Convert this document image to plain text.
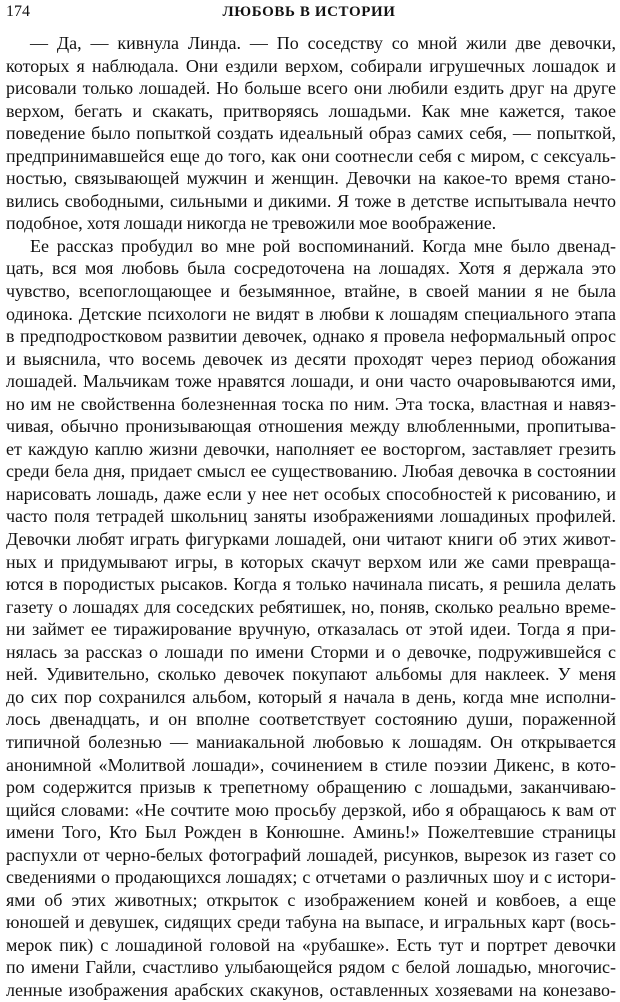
174	ЛЮБОВЬ В ИСТОРИИ
— Да, — кивнула Линда. — По соседству со мной жили две девочки,
которых я наблюдала. Они ездили верхом, собирали игрушечных лошадок и
рисовали только лошадей. Но больше всего они любили ездить друг на друге
верхом, бегать и скакать, притворяясь лошадьми. Как мне кажется, такое
поведение было попыткой создать идеальный образ самих себя, — попыткой,
предпринимавшейся еще до того, как они соотнесли себя с миром, с сексуаль-
ностью, связывающей мужчин и женщин. Девочки на какое-то время стано-
вились свободными, сильными и дикими. Я тоже в детстве испытывала нечто
подобное, хотя лошади никогда не тревожили мое воображение.
Ее рассказ пробудил во мне рой воспоминаний. Когда мне было двенад-
цать, вся моя любовь была сосредоточена на лошадях. Хотя я держала это
чувство, всепоглощающее и безымянное, втайне, в своей мании я не была
одинока. Детские психологи не видят в любви к лошадям специального этапа
в предподростковом развитии девочек, однако я провела неформальный опрос
и выяснила, что восемь девочек из десяти проходят через период обожания
лошадей. Мальчикам тоже нравятся лошади, и они часто очаровываются ими,
но им не свойственна болезненная тоска по ним. Эта тоска, властная и навяз-
чивая, обычно пронизывающая отношения между влюбленными, пропитыва-
ет каждую каплю жизни девочки, наполняет ее восторгом, заставляет грезить
среди бела дня, придает смысл ее существованию. Любая девочка в состоянии
нарисовать лошадь, даже если у нее нет особых способностей к рисованию, и
часто поля тетрадей школьниц заняты изображениями лошадиных профилей.
Девочки любят играть фигурками лошадей, они читают книги об этих живот-
ных и придумывают игры, в которых скачут верхом или же сами превраща-
ются в породистых рысаков. Когда я только начинала писать, я решила делать
газету о лошадях для соседских ребятишек, но, поняв, сколько реально време-
ни займет ее тиражирование вручную, отказалась от этой идеи. Тогда я при-
нялась за рассказ о лошади по имени Сторми и о девочке, подружившейся с
ней. Удивительно, сколько девочек покупают альбомы для наклеек. У меня
до сих пор сохранился альбом, который я начала в день, когда мне исполни-
лось двенадцать, и он вполне соответствует состоянию души, пораженной
типичной болезнью — маниакальной любовью к лошадям. Он открывается
анонимной «Молитвой лошади», сочинением в стиле поэзии Дикенс, в кото-
ром содержится призыв к трепетному обращению с лошадьми, заканчиваю-
щийся словами: «Не сочтите мою просьбу дерзкой, ибо я обращаюсь к вам от
имени Того, Кто Был Рожден в Конюшне. Аминь!» Пожелтевшие страницы
распухли от черно-белых фотографий лошадей, рисунков, вырезок из газет со
сведениями о продающихся лошадях; с отчетами о различных шоу и с истори-
ями об этих животных; открыток с изображением коней и ковбоев, а еще
юношей и девушек, сидящих среди табуна на выпасе, и игральных карт (вось-
мерок пик) с лошадиной головой на «рубашке». Есть тут и портрет девочки
по имени Гайли, счастливо улыбающейся рядом с белой лошадью, многочис-
ленные изображения арабских скакунов, оставленных хозяевами на конезаво-
